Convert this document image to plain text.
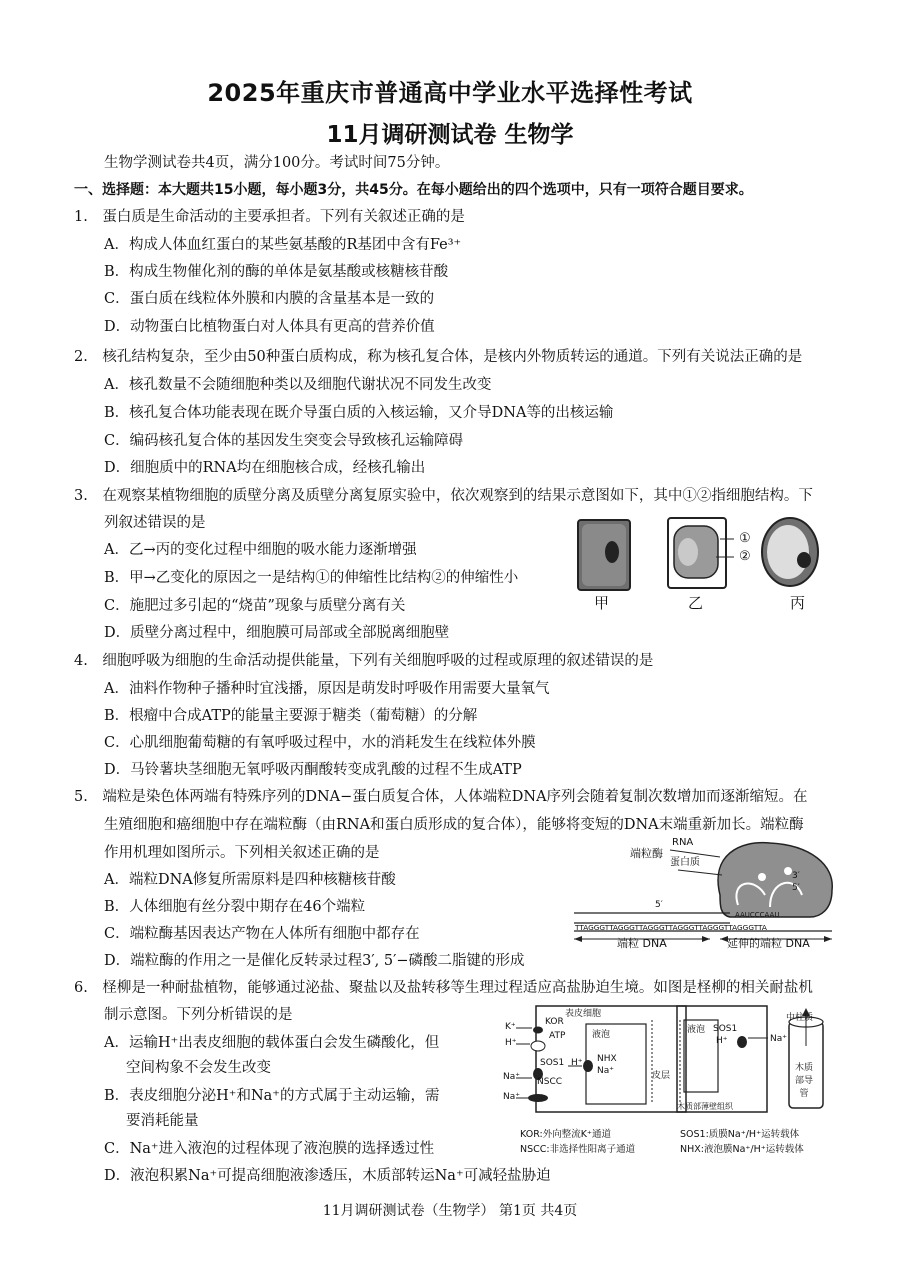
2025年重庆市普通高中学业水平选择性考试
11月调研测试卷 生物学
生物学测试卷共4页，满分100分。考试时间75分钟。
一、选择题：本大题共15小题，每小题3分，共45分。在每小题给出的四个选项中，只有一项符合题目要求。
1.　蛋白质是生命活动的主要承担者。下列有关叙述正确的是
A．构成人体血红蛋白的某些氨基酸的R基团中含有Fe³⁺
B．构成生物催化剂的酶的单体是氨基酸或核糖核苷酸
C．蛋白质在线粒体外膜和内膜的含量基本是一致的
D．动物蛋白比植物蛋白对人体具有更高的营养价值
2.　核孔结构复杂，至少由50种蛋白质构成，称为核孔复合体，是核内外物质转运的通道。下列有关说法正确的是
A．核孔数量不会随细胞种类以及细胞代谢状况不同发生改变
B．核孔复合体功能表现在既介导蛋白质的入核运输，又介导DNA等的出核运输
C．编码核孔复合体的基因发生突变会导致核孔运输障碍
D．细胞质中的RNA均在细胞核合成，经核孔输出
3.　在观察某植物细胞的质壁分离及质壁分离复原实验中，依次观察到的结果示意图如下，其中①②指细胞结构。下
列叙述错误的是
A．乙→丙的变化过程中细胞的吸水能力逐渐增强
B．甲→乙变化的原因之一是结构①的伸缩性比结构②的伸缩性小
C．施肥过多引起的“烧苗”现象与质壁分离有关
D．质壁分离过程中，细胞膜可局部或全部脱离细胞壁
①
②
甲	乙	丙
4.　细胞呼吸为细胞的生命活动提供能量，下列有关细胞呼吸的过程或原理的叙述错误的是
A．油料作物种子播种时宜浅播，原因是萌发时呼吸作用需要大量氧气
B．根瘤中合成ATP的能量主要源于糖类（葡萄糖）的分解
C．心肌细胞葡萄糖的有氧呼吸过程中，水的消耗发生在线粒体外膜
D．马铃薯块茎细胞无氧呼吸丙酮酸转变成乳酸的过程不生成ATP
5.　端粒是染色体两端有特殊序列的DNA−蛋白质复合体，人体端粒DNA序列会随着复制次数增加而逐渐缩短。在
生殖细胞和癌细胞中存在端粒酶（由RNA和蛋白质形成的复合体），能够将变短的DNA末端重新加长。端粒酶
作用机理如图所示。下列相关叙述正确的是
A．端粒DNA修复所需原料是四种核糖核苷酸
B．人体细胞有丝分裂中期存在46个端粒
C．端粒酶基因表达产物在人体所有细胞中都存在
D．端粒酶的作用之一是催化反转录过程3′, 5′−磷酸二脂键的形成
端粒酶
RNA
蛋白质
3′
5′
5′
AAUCCCAAU
TTAGGGTTAGGGTTAGGGTTAGGGTTAGGGTTAGGGTTA
端粒 DNA	延伸的端粒 DNA
6.　柽柳是一种耐盐植物，能够通过泌盐、聚盐以及盐转移等生理过程适应高盐胁迫生境。如图是柽柳的相关耐盐机
制示意图。下列分析错误的是
A．运输H⁺出表皮细胞的载体蛋白会发生磷酸化，但
空间构象不会发生改变
B．表皮细胞分泌H⁺和Na⁺的方式属于主动运输，需
要消耗能量
C．Na⁺进入液泡的过程体现了液泡膜的选择透过性
D．液泡积累Na⁺可提高细胞液渗透压，木质部转运Na⁺可减轻盐胁迫
表皮细胞
KOR
ATP	液泡	液泡
SOS1
SOS1
NHX
NSCC
皮层
木质部薄壁组织
中柱质
木质部导管
K⁺
H⁺
Na⁺
Na⁺
H⁺
Na⁺
H⁺	Na⁺
KOR:外向整流K⁺通道	SOS1:质膜Na⁺/H⁺运转载体
NSCC:非选择性阳离子通道	NHX:液泡膜Na⁺/H⁺运转载体
11月调研测试卷（生物学） 第1页 共4页
